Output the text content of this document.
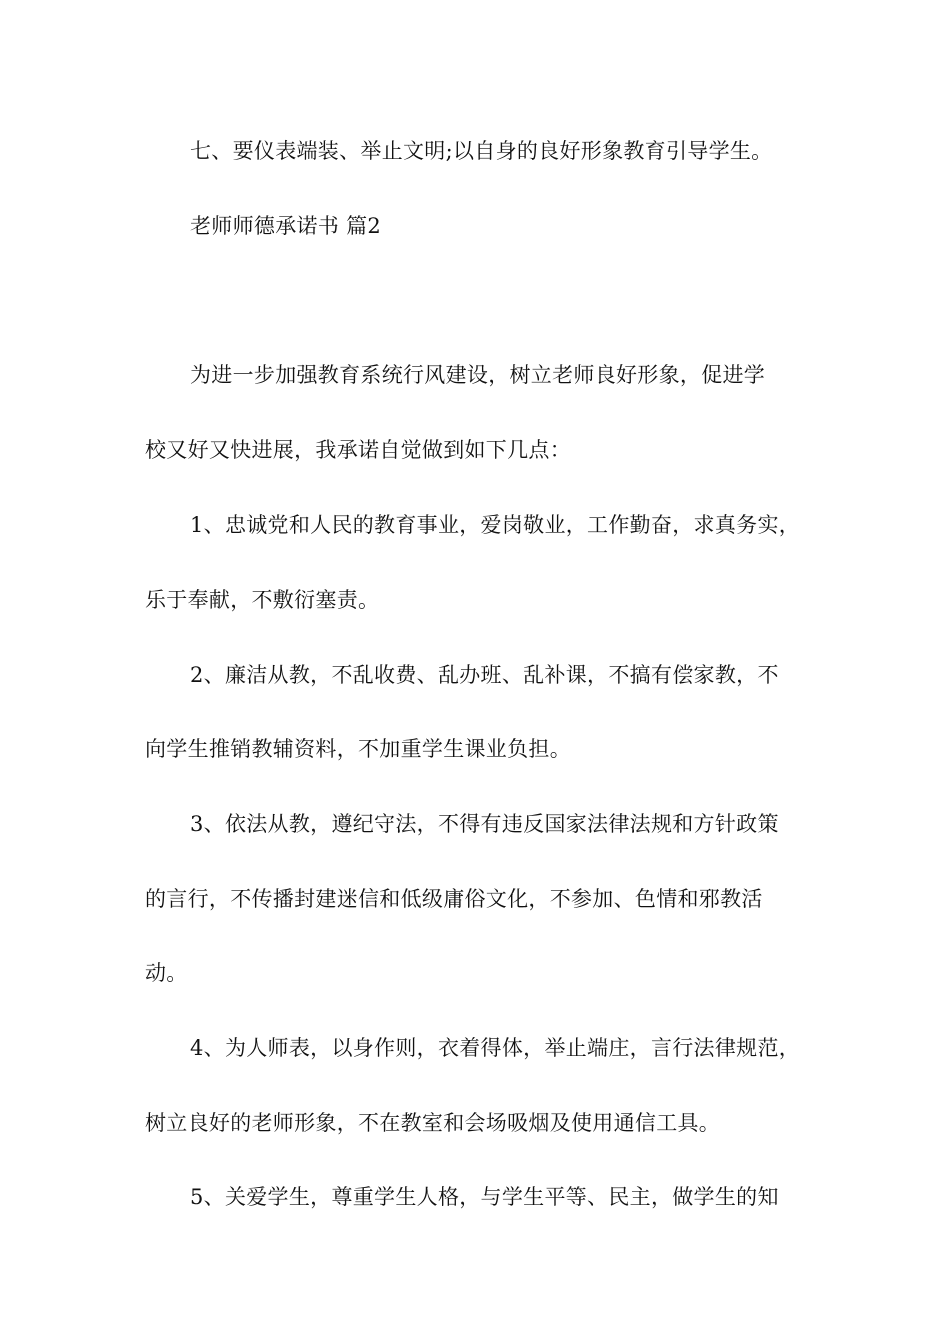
七、要仪表端装、举止文明;以自身的良好形象教育引导学生。
老师师德承诺书 篇2
为进一步加强教育系统行风建设，树立老师良好形象，促进学
校又好又快进展，我承诺自觉做到如下几点：
1、忠诚党和人民的教育事业，爱岗敬业，工作勤奋，求真务实，
乐于奉献，不敷衍塞责。
2、廉洁从教，不乱收费、乱办班、乱补课，不搞有偿家教，不
向学生推销教辅资料，不加重学生课业负担。
3、依法从教，遵纪守法，不得有违反国家法律法规和方针政策
的言行，不传播封建迷信和低级庸俗文化，不参加、色情和邪教活
动。
4、为人师表，以身作则，衣着得体，举止端庄，言行法律规范，
树立良好的老师形象，不在教室和会场吸烟及使用通信工具。
5、关爱学生，尊重学生人格，与学生平等、民主，做学生的知
